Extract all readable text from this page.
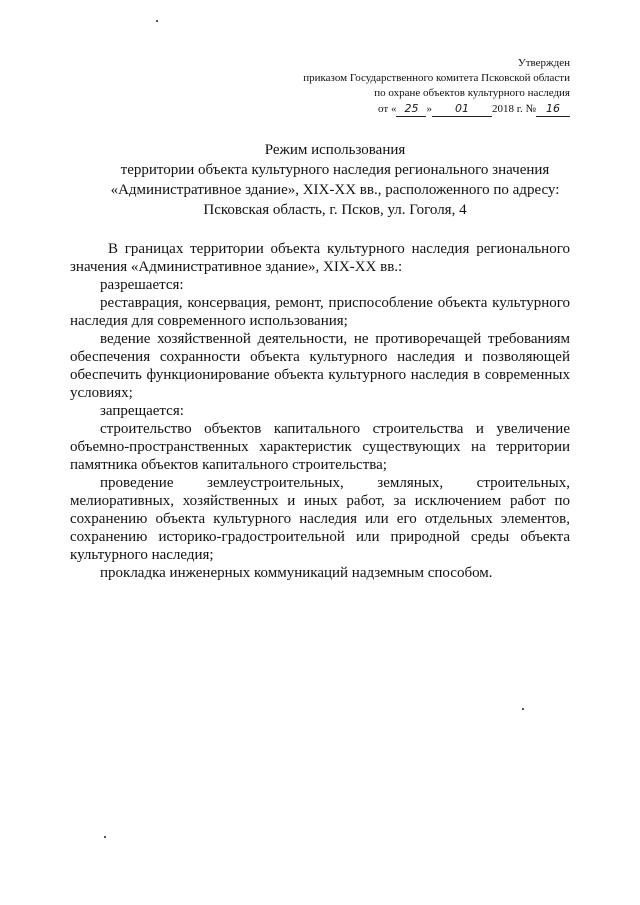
Утвержден
приказом Государственного комитета Псковской области
по охране объектов культурного наследия
от « 25 » 01 2018 г. № 16
Режим использования
территории объекта культурного наследия регионального значения
«Административное здание», XIX-XX вв., расположенного по адресу:
Псковская область, г. Псков, ул. Гоголя, 4

В границах территории объекта культурного наследия регионального значения «Административное здание», XIX-XX вв.:

разрешается:

реставрация, консервация, ремонт, приспособление объекта культурного наследия для современного использования;

ведение хозяйственной деятельности, не противоречащей требованиям обеспечения сохранности объекта культурного наследия и позволяющей обеспечить функционирование объекта культурного наследия в современных условиях;

запрещается:

строительство объектов капитального строительства и увеличение объемно-пространственных характеристик существующих на территории памятника объектов капитального строительства;

проведение землеустроительных, земляных, строительных, мелиоративных, хозяйственных и иных работ, за исключением работ по сохранению объекта культурного наследия или его отдельных элементов, сохранению историко-градостроительной или природной среды объекта культурного наследия;

прокладка инженерных коммуникаций надземным способом.
